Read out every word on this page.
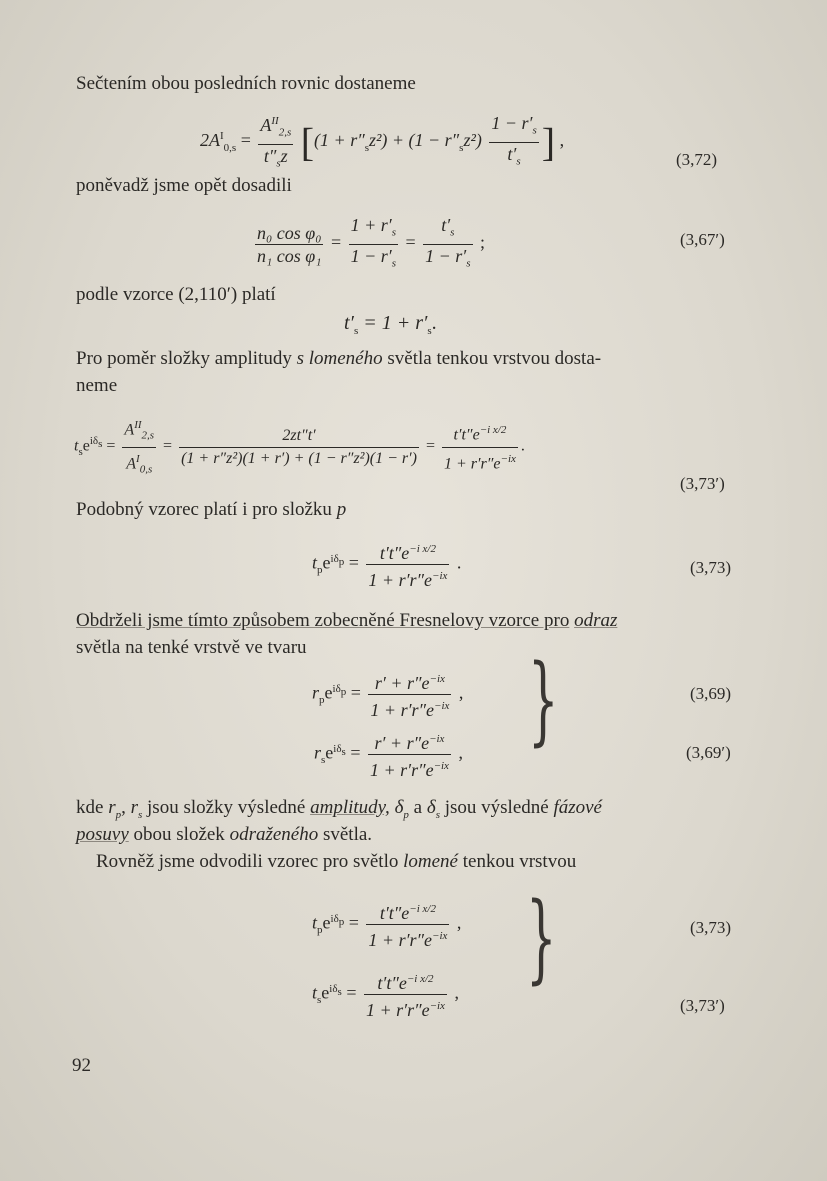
Sečtením obou posledních rovnic dostaneme
$2A^I_{0,s} = \frac{A^{II}_{2,s}}{t''_sz} [(1 + r''_sz^2) + (1 - r''_sz^2) \frac{1 - r'_s}{t'_s}$ ] ,
(3,72)
poněvadž jsme opět dosadili
$\frac{\text{n₀ cos φ₀}}{\text{n₁ cos φ₁}} = \frac{1 + r'_s}{1 - r'_s} = \frac{t'_s}{1 - r'_s}$ ;	(3,67′)
podle vzorce (2,110′) platí
$t'_s = 1 + r'_s$.
Pro poměr složky amplitudy s lomeného světla tenkou vrstvou dosta-
neme
$t_se^{i\delta_s} = \frac{A^{II}_{2,s}}{A^I_{0,s}} = \frac{2zt''t'}{\text{(1 + r″z²)(1 + r′) + (1 − r″z²)(1 − r′)}} = \frac{t't''e^{-i x/2}}{1 + r'r''e^{-ix}}$ .
(3,73′)
Podobný vzorec platí i pro složku p
$t_pe^{i\delta_p} = \frac{t't''e^{-i x/2}}{1 + r'r''e^{-ix}}$ .	(3,73)
Obdrželi jsme tímto způsobem zobecněné Fresnelovy vzorce pro odraz
světla na tenké vrstvě ve tvaru
$r_pe^{i\delta_p} = \frac{r' + r''e^{-ix}}{1 + r'r''e^{-ix}}$ ,	(3,69)
$r_se^{i\delta_s} = \frac{r' + r''e^{-ix}}{1 + r'r''e^{-ix}}$ ,	(3,69′)
}
kde $r_p$, $r_s$ jsou složky výsledné amplitudy, $\delta_p$ a $\delta_s$ jsou výsledné fázové
posuvy obou složek odraženého světla.
Rovněž jsme odvodili vzorec pro světlo lomené tenkou vrstvou
$t_pe^{i\delta_p} = \frac{t't''e^{-i x/2}}{1 + r'r''e^{-ix}}$ ,	(3,73)
$t_se^{i\delta_s} = \frac{t't''e^{-i x/2}}{1 + r'r''e^{-ix}}$ ,
(3,73′)
}
92
